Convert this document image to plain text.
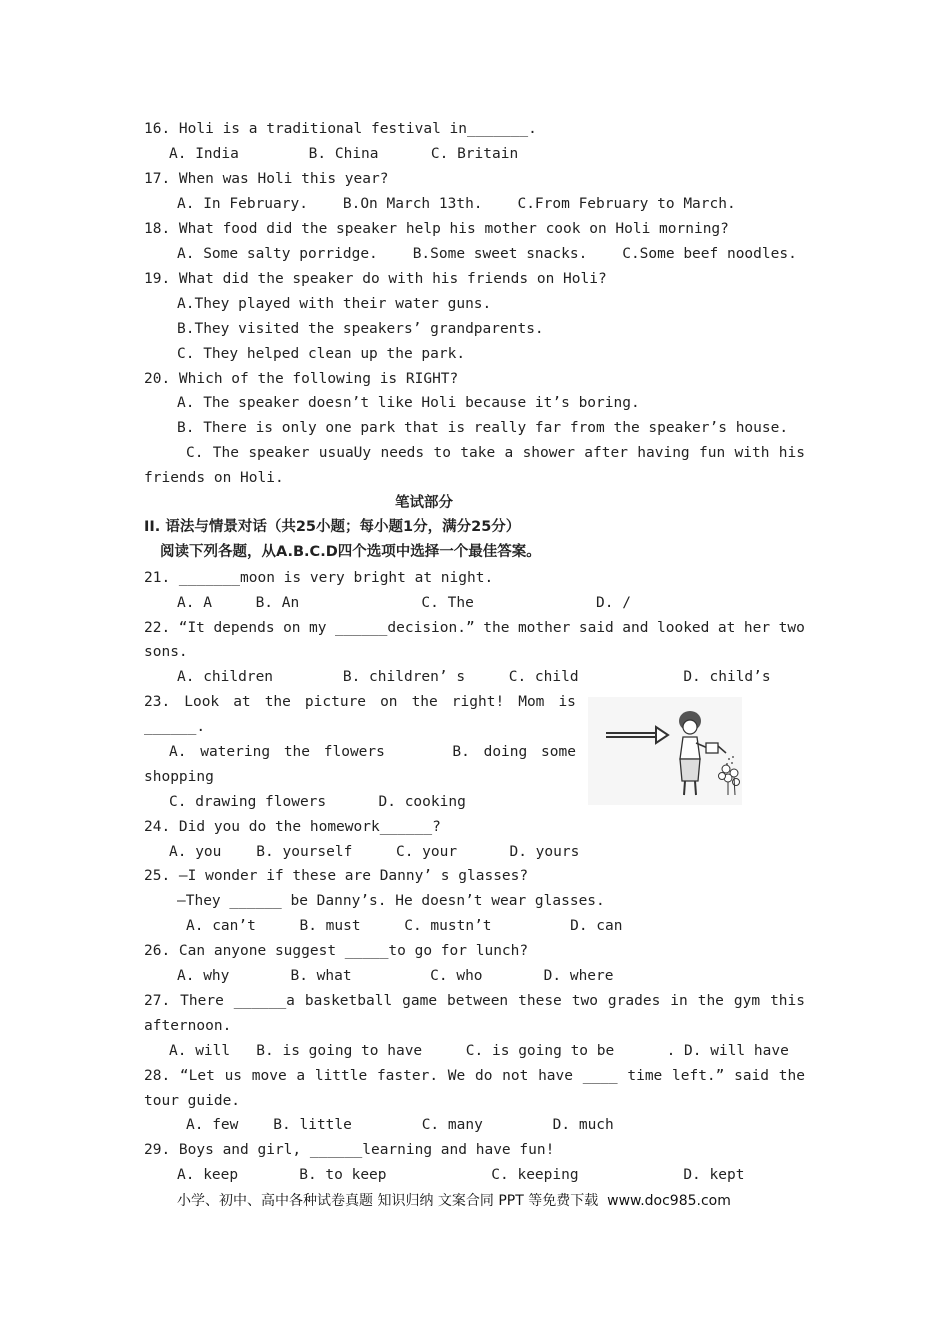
16. Holi is a traditional festival in_______.
A. India        B. China      C. Britain
17. When was Holi this year?
A. In February.    B.On March 13th.    C.From February to March.
18. What food did the speaker help his mother cook on Holi morning?
A. Some salty porridge.    B.Some sweet snacks.    C.Some beef noodles.
19. What did the speaker do with his friends on Holi?
A.They played with their water guns.
B.They visited the speakers’ grandparents.
C. They helped clean up the park.
20. Which of the following is RIGHT?
A. The speaker doesn’t like Holi because it’s boring.
B. There is only one park that is really far from the speaker’s house.
C. The speaker usuaUy needs to take a shower after having fun with his
friends on Holi.
笔试部分
II. 语法与情景对话（共25小题；每小题1分，满分25分）
阅读下列各题，从A.B.C.D四个选项中选择一个最佳答案。
21. _______moon is very bright at night.
A. A     B. An              C. The              D. /
22. “It depends on my ______decision.” the mother said and looked at her two
sons.
A. children        B. children’ s     C. child            D. child’s
23. Look at the picture on the right! Mom is
______.
A. watering the flowers	B. doing some
shopping
C. drawing flowers      D. cooking
24. Did you do the homework______?
A. you    B. yourself     C. your      D. yours
25. —I wonder if these are Danny’ s glasses?
—They ______ be Danny’s. He doesn’t wear glasses.
A. can’t     B. must     C. mustn’t         D. can
26. Can anyone suggest _____to go for lunch?
A. why       B. what         C. who       D. where
27. There ______a basketball game between these two grades in the gym this
afternoon.
A. will   B. is going to have     C. is going to be      . D. will have
28. “Let us move a little faster. We do not have ____ time left.” said the
tour guide.
A. few    B. little        C. many        D. much
29. Boys and girl, ______learning and have fun!
A. keep       B. to keep            C. keeping            D. kept
小学、初中、高中各种试卷真题 知识归纳 文案合同 PPT 等免费下载  www.doc985.com
